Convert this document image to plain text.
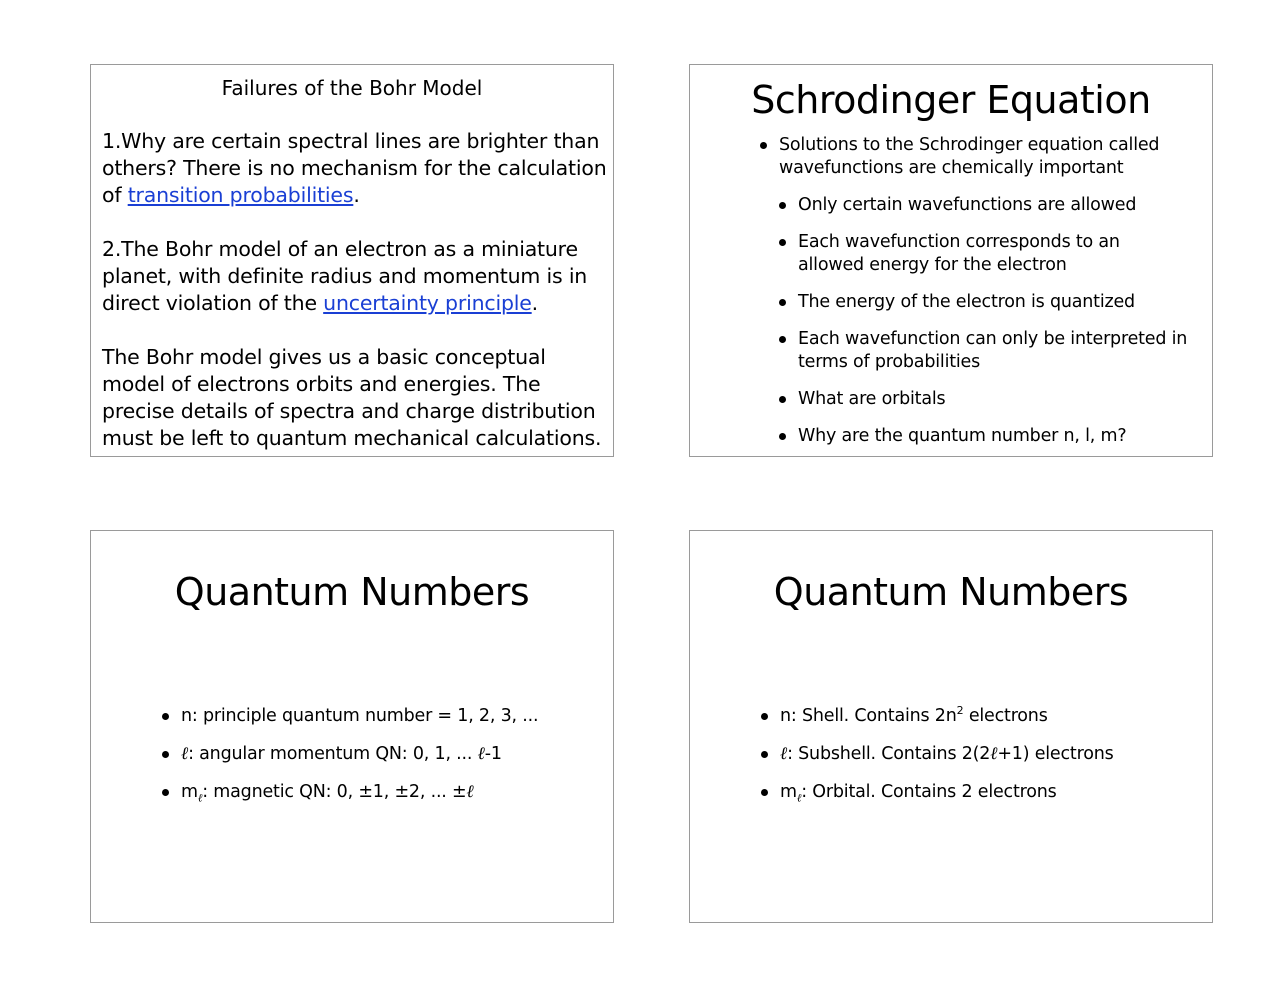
Failures of the Bohr Model

1.Why are certain spectral lines are brighter than others? There is no mechanism for the calculation of transition probabilities.

2.The Bohr model of an electron as a miniature planet, with definite radius and momentum is in direct violation of the uncertainty principle.

The Bohr model gives us a basic conceptual model of electrons orbits and energies. The precise details of spectra and charge distribution must be left to quantum mechanical calculations.

Schrodinger Equation
Solutions to the Schrodinger equation called wavefunctions are chemically important
Only certain wavefunctions are allowed
Each wavefunction corresponds to an allowed energy for the electron
The energy of the electron is quantized
Each wavefunction can only be interpreted in terms of probabilities
What are orbitals
Why are the quantum number n, l, m?
Quantum Numbers
n: principle quantum number = 1, 2, 3, ...
ℓ: angular momentum QN: 0, 1, ... ℓ-1
$m_\ell$: magnetic QN: 0, ±1, ±2, ... ±ℓ
Quantum Numbers
n: Shell. Contains $2n^2$ electrons
ℓ: Subshell. Contains 2(2ℓ+1) electrons
$m_\ell$: Orbital. Contains 2 electrons
